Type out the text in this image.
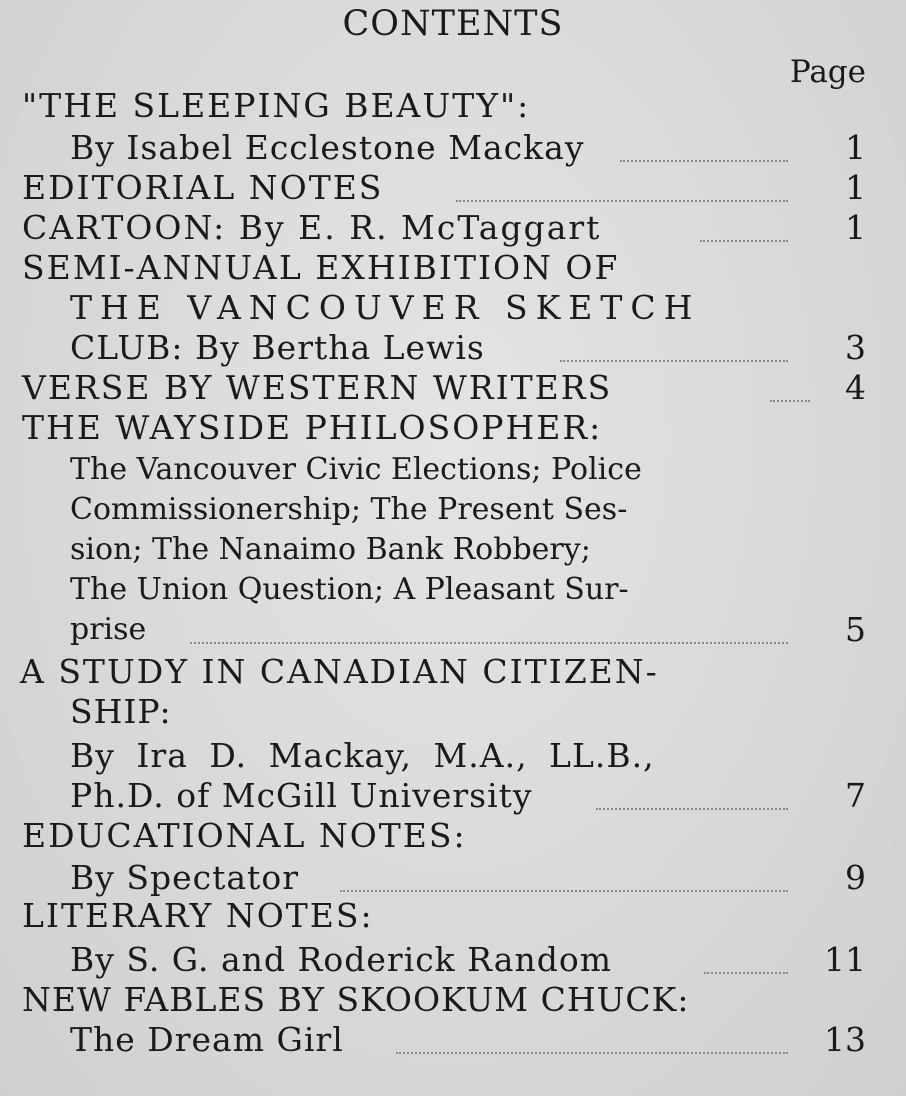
CONTENTS
Page
"THE SLEEPING BEAUTY":
By Isabel Ecclestone Mackay	1
EDITORIAL NOTES	1
CARTOON: By E. R. McTaggart	1
SEMI-ANNUAL EXHIBITION OF
THE VANCOUVER SKETCH
CLUB: By Bertha Lewis	3
VERSE BY WESTERN WRITERS	4
THE WAYSIDE PHILOSOPHER:
The Vancouver Civic Elections; Police
Commissionership; The Present Ses-
sion; The Nanaimo Bank Robbery;
The Union Question; A Pleasant Sur-
prise	5
A STUDY IN CANADIAN CITIZEN-
SHIP:
By Ira D. Mackay, M.A., LL.B.,
Ph.D. of McGill University	7
EDUCATIONAL NOTES:
By Spectator	9
LITERARY NOTES:
By S. G. and Roderick Random	11
NEW FABLES BY SKOOKUM CHUCK:
The Dream Girl	13
